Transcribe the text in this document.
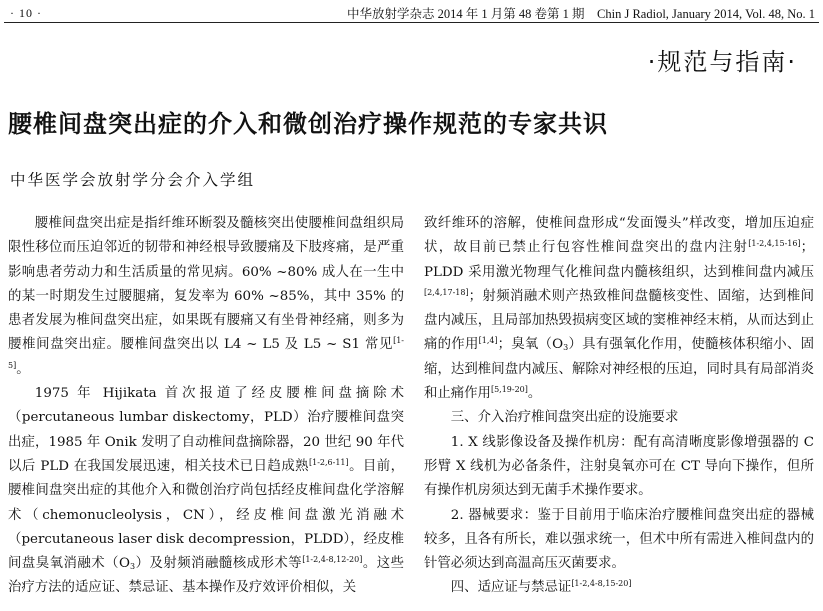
· 10 ·	中华放射学杂志 2014 年 1 月第 48 卷第 1 期　Chin J Radiol, January 2014, Vol. 48, No. 1
·规范与指南·
腰椎间盘突出症的介入和微创治疗操作规范的专家共识
中华医学会放射学分会介入学组

腰椎间盘突出症是指纤维环断裂及髓核突出使腰椎间盘组织局限性移位而压迫邻近的韧带和神经根导致腰痛及下肢疼痛，是严重影响患者劳动力和生活质量的常见病。60% ~80% 成人在一生中的某一时期发生过腰腿痛，复发率为 60% ~85%，其中 35% 的患者发展为椎间盘突出症，如果既有腰痛又有坐骨神经痛，则多为腰椎间盘突出症。腰椎间盘突出以 L4 ~ L5 及 L5 ~ S1 常见[1-5]。

1975 年 Hijikata 首次报道了经皮腰椎间盘摘除术（percutaneous lumbar diskectomy，PLD）治疗腰椎间盘突出症，1985 年 Onik 发明了自动椎间盘摘除器，20 世纪 90 年代以后 PLD 在我国发展迅速，相关技术已日趋成熟[1-2,6-11]。目前，腰椎间盘突出症的其他介入和微创治疗尚包括经皮椎间盘化学溶解术（chemonucleolysis，CN），经皮椎间盘激光消融术（percutaneous laser disk decompression，PLDD），经皮椎间盘臭氧消融术$(O_3)$及射频消融髓核成形术等[1-2,4-8,12-20]。这些治疗方法的适应证、禁忌证、基本操作及疗效评价相似，关

致纤维环的溶解，使椎间盘形成“发面馒头”样改变，增加压迫症状，故目前已禁止行包容性椎间盘突出的盘内注射[1-2,4,15-16]；PLDD 采用激光物理气化椎间盘内髓核组织，达到椎间盘内减压[2,4,17-18]；射频消融术则产热致椎间盘髓核变性、固缩，达到椎间盘内减压，且局部加热毁损病变区域的窦椎神经末梢，从而达到止痛的作用[1,4]；臭氧$(O_3)$具有强氧化作用，使髓核体积缩小、固缩，达到椎间盘内减压、解除对神经根的压迫，同时具有局部消炎和止痛作用[5,19-20]。

三、介入治疗椎间盘突出症的设施要求

1. X 线影像设备及操作机房：配有高清晰度影像增强器的 C 形臂 X 线机为必备条件，注射臭氧亦可在 CT 导向下操作，但所有操作机房须达到无菌手术操作要求。

2. 器械要求：鉴于目前用于临床治疗腰椎间盘突出症的器械较多，且各有所长，难以强求统一，但术中所有需进入椎间盘内的针管必须达到高温高压灭菌要求。

四、适应证与禁忌证[1-2,4-8,15-20]
